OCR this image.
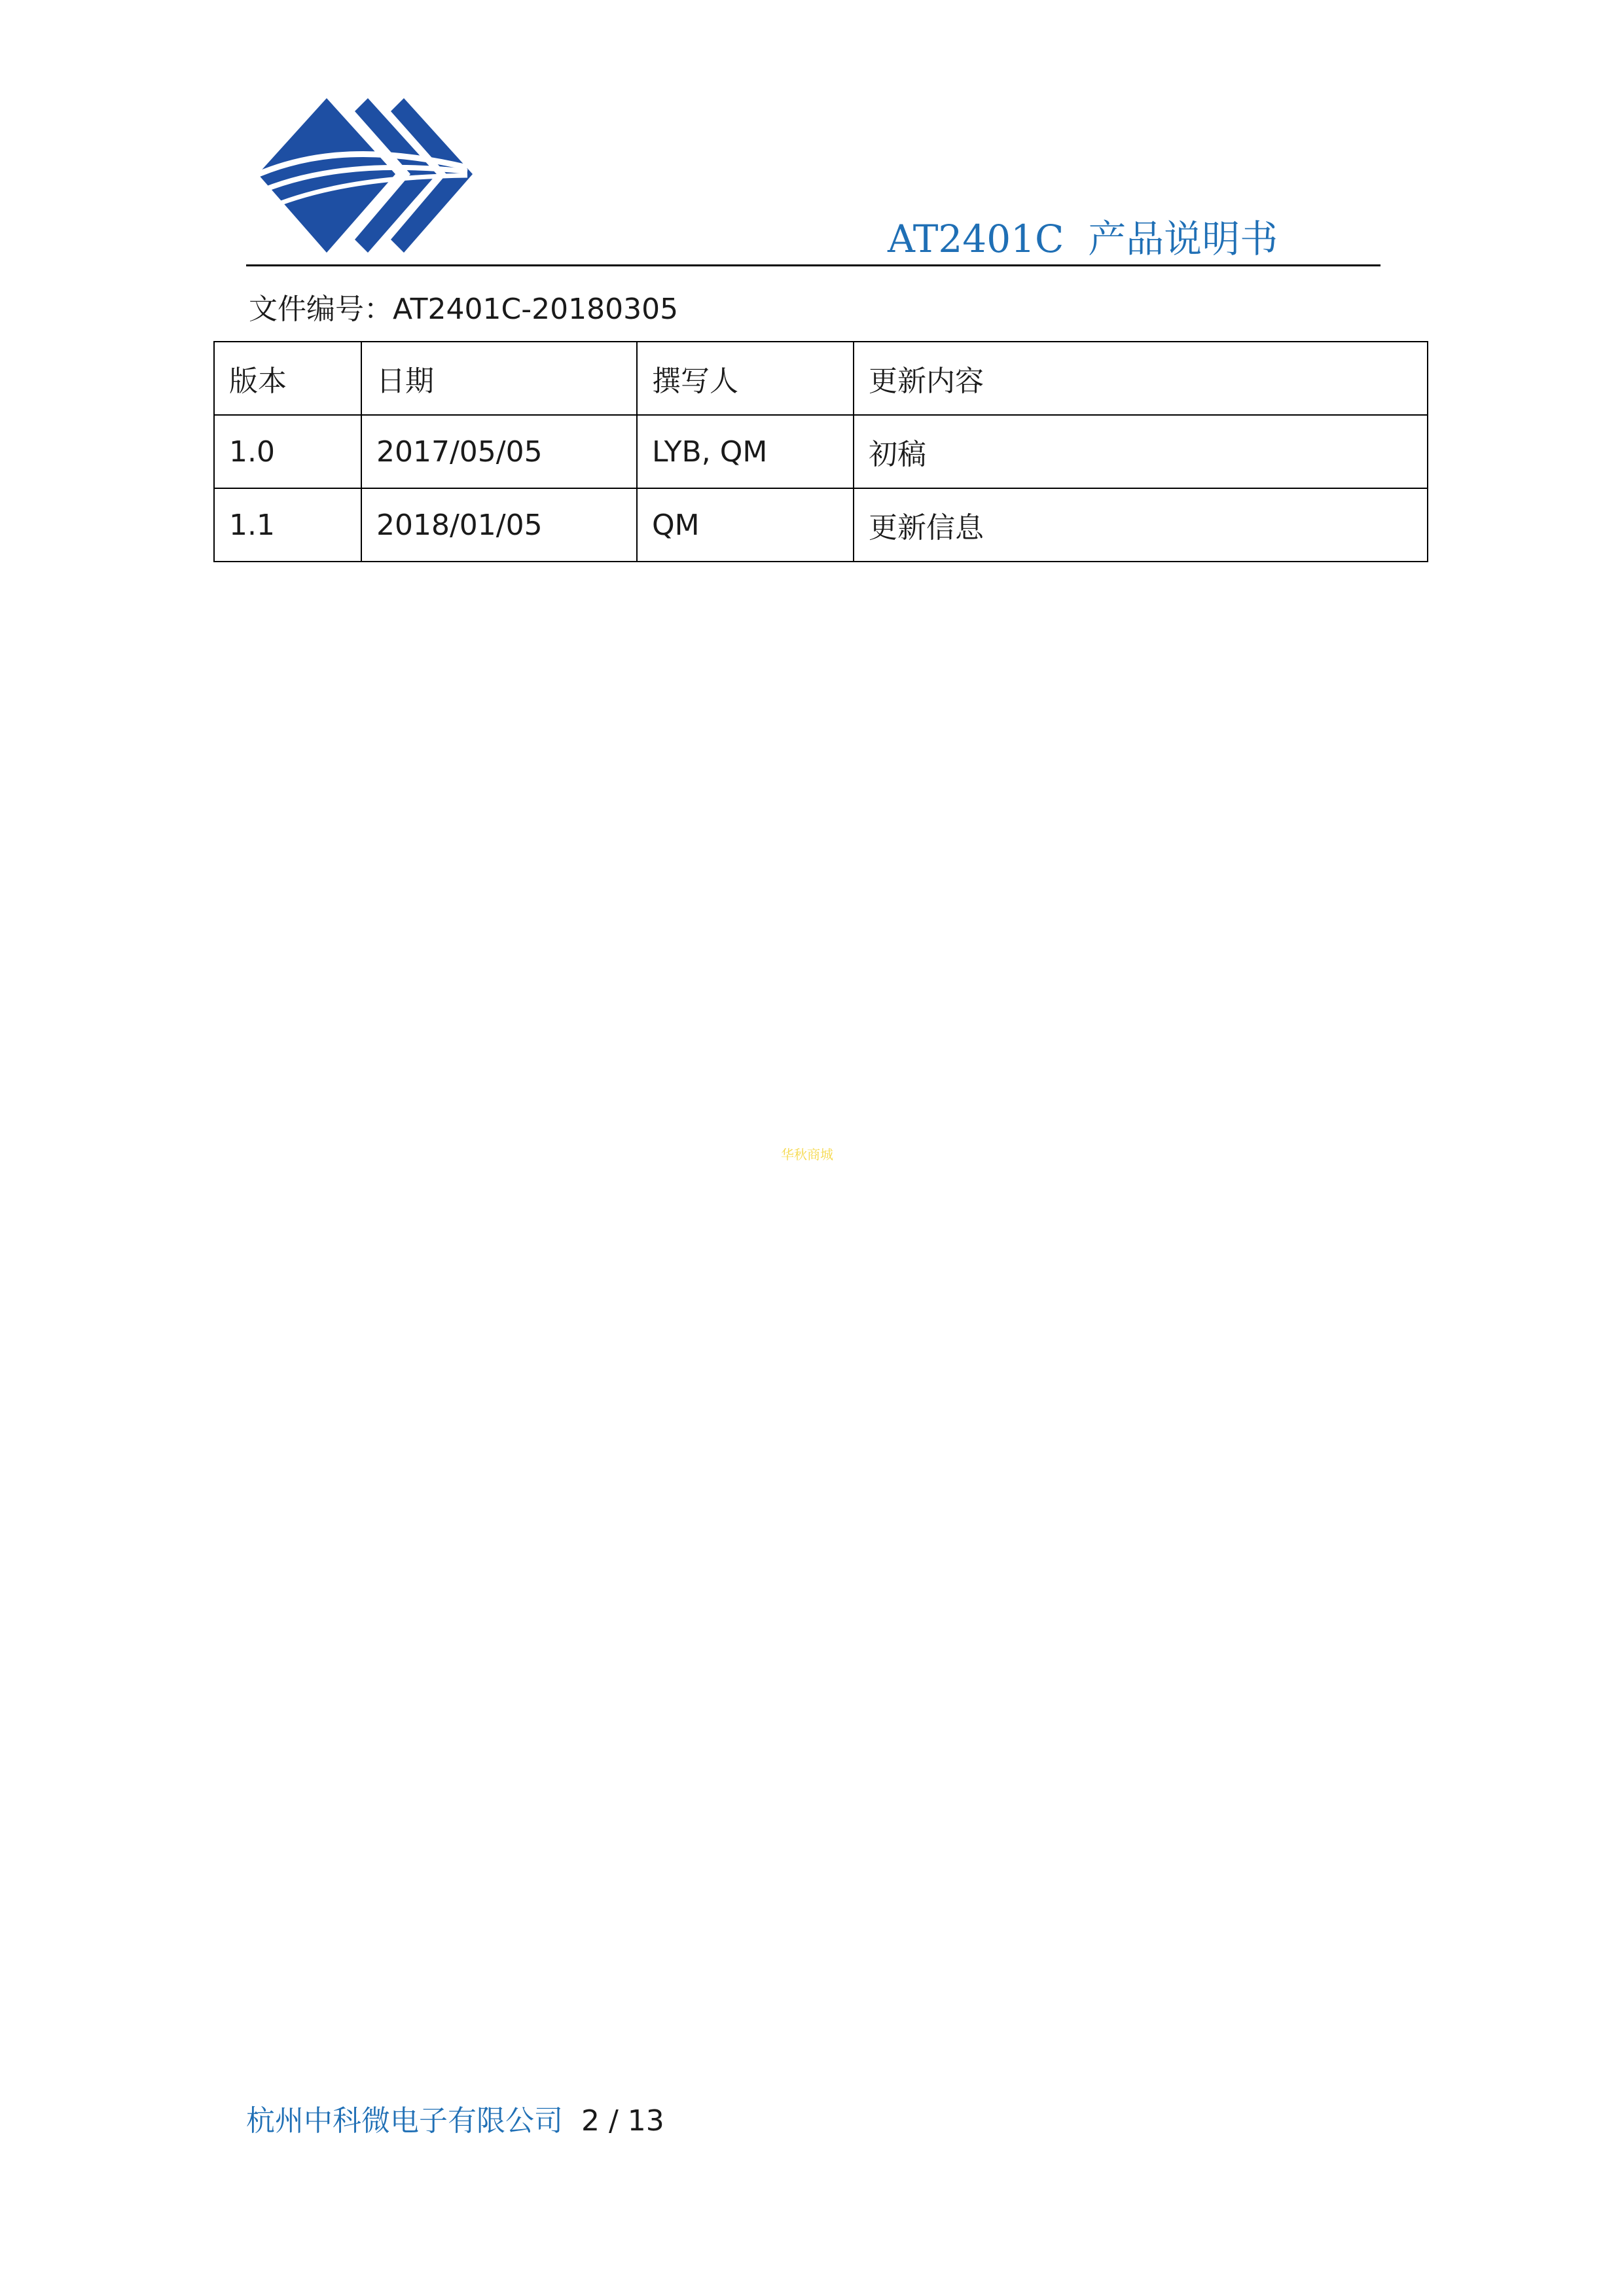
AT2401C  产品说明书
文件编号：AT2401C-20180305
版本	日期	撰写人	更新内容
1.0	2017/05/05	LYB, QM	初稿
1.1	2018/01/05	QM	更新信息
华秋商城
杭州中科微电子有限公司 2 / 13
